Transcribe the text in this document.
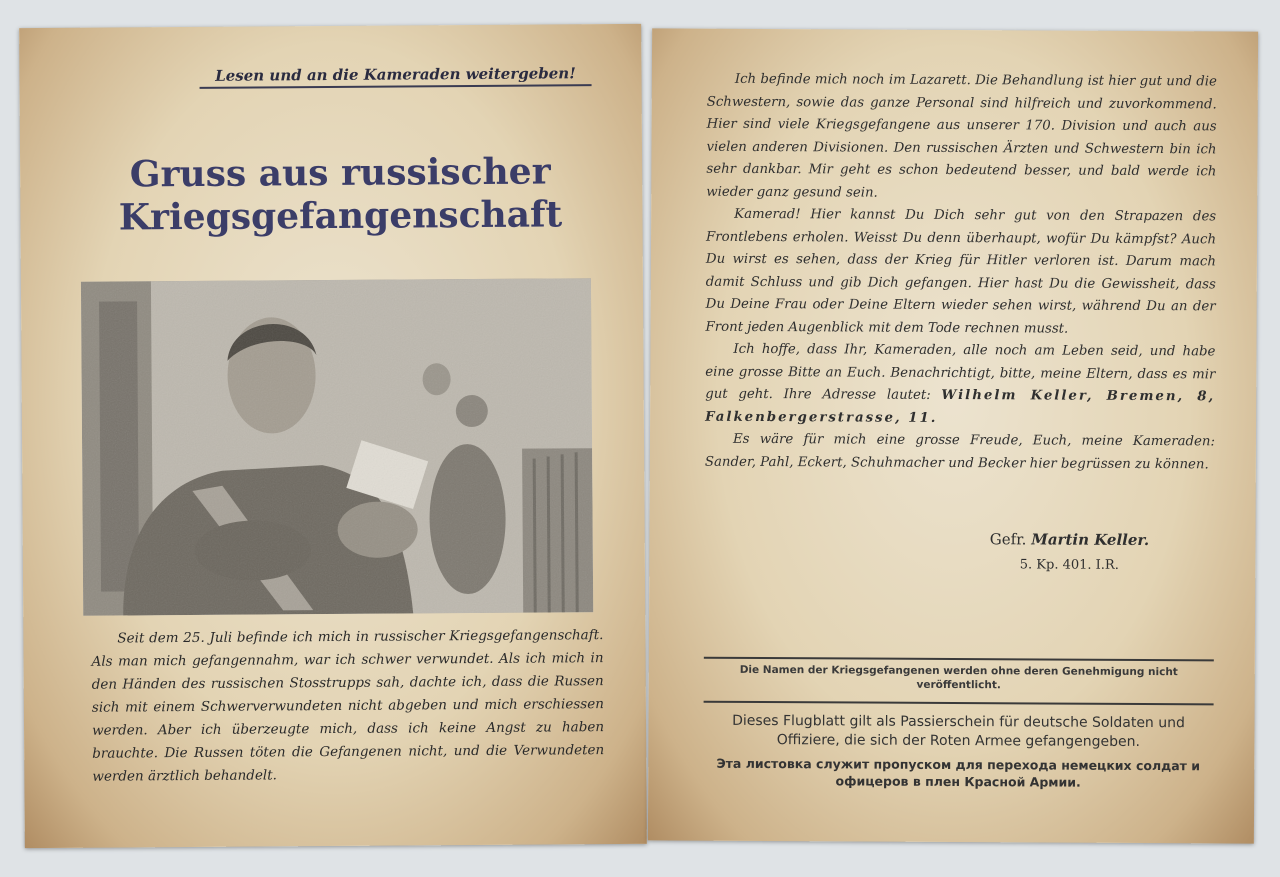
Lesen und an die Kameraden weitergeben!
Gruss aus russischer
Kriegsgefangenschaft
Seit dem 25. Juli befinde ich mich in russischer Kriegsgefangenschaft. Als man mich gefangennahm, war ich schwer verwundet. Als ich mich in den Händen des russischen Stosstrupps sah, dachte ich, dass die Russen sich mit einem Schwerverwundeten nicht abgeben und mich erschiessen werden. Aber ich überzeugte mich, dass ich keine Angst zu haben brauchte. Die Russen töten die Gefangenen nicht, und die Verwundeten werden ärztlich behandelt.

Ich befinde mich noch im Lazarett. Die Behandlung ist hier gut und die Schwestern, sowie das ganze Personal sind hilfreich und zuvorkommend. Hier sind viele Kriegsgefangene aus unserer 170. Division und auch aus vielen anderen Divisionen. Den russischen Ärzten und Schwestern bin ich sehr dankbar. Mir geht es schon bedeutend besser, und bald werde ich wieder ganz gesund sein.

Kamerad! Hier kannst Du Dich sehr gut von den Strapazen des Frontlebens erholen. Weisst Du denn überhaupt, wofür Du kämpfst? Auch Du wirst es sehen, dass der Krieg für Hitler verloren ist. Darum mach damit Schluss und gib Dich gefangen. Hier hast Du die Gewissheit, dass Du Deine Frau oder Deine Eltern wieder sehen wirst, während Du an der Front jeden Augenblick mit dem Tode rechnen musst.

Ich hoffe, dass Ihr, Kameraden, alle noch am Leben seid, und habe eine grosse Bitte an Euch. Benachrichtigt, bitte, meine Eltern, dass es mir gut geht. Ihre Adresse lautet: Wilhelm Keller, Bremen, 8, Falkenbergerstrasse, 11.

Es wäre für mich eine grosse Freude, Euch, meine Kameraden: Sander, Pahl, Eckert, Schuhmacher und Becker hier begrüssen zu können.

Gefr. Martin Keller.
5. Kp. 401. I.R.
Die Namen der Kriegsgefangenen werden ohne deren Genehmigung nicht veröffentlicht.
Dieses Flugblatt gilt als Passierschein für deutsche Soldaten und Offiziere, die sich der Roten Armee gefangengeben.
Эта листовка служит пропуском для перехода немецких солдат и офицеров в плен Красной Армии.
